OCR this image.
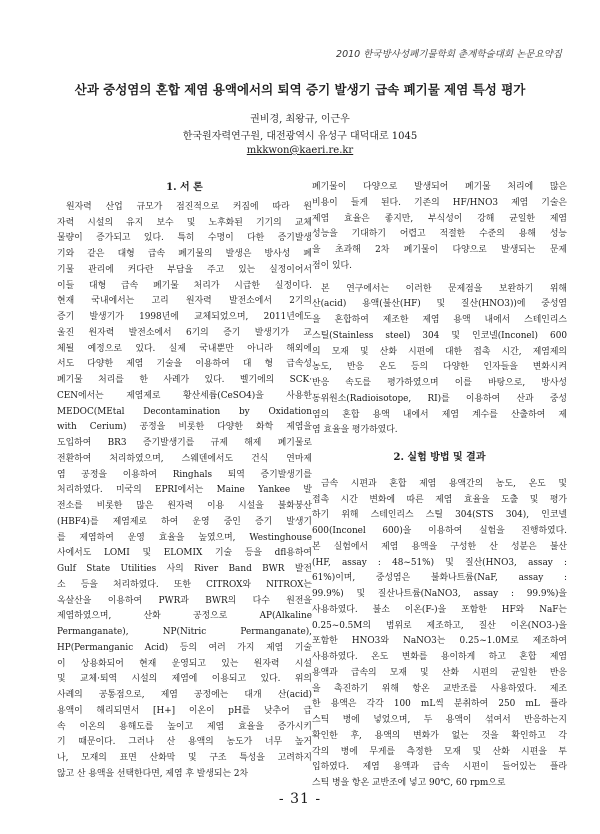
2010 한국방사성폐기물학회 춘계학술대회 논문요약집
산과 중성염의 혼합 제염 용액에서의 퇴역 증기 발생기 급속 폐기물 제염 특성 평가
권비경, 최왕규, 이근우
한국원자력연구원, 대전광역시 유성구 대덕대로 1045
mkkwon@kaeri.re.kr
1. 서 론
원자력 산업 규모가 점진적으로 커짐에 따라 원
자력 시설의 유지 보수 및 노후화된 기기의 교체
물량이 증가되고 있다. 특히 수명이 다한 증기발생
기와 같은 대형 급속 폐기물의 발생은 방사성 폐
기물 관리에 커다란 부담을 주고 있는 실정이어서
이들 대형 급속 폐기물 처리가 시급한 실정이다.
현재 국내에서는 고리 원자력 발전소에서 2기의
증기 발생기가 1998년에 교체되었으며, 2011년에도
울진 원자력 발전소에서 6기의 증기 발생기가 교
체될 예정으로 있다. 실제 국내뿐만 아니라 해외에
서도 다양한 제염 기술을 이용하여 대 형 급속성
폐기물 처리를 한 사례가 있다. 벨기에의 SCK·
CEN에서는 제염제로 황산세륨(CeSO4)을 사용한
MEDOC(MEtal Decontamination by Oxidation
with Cerium) 공정을 비롯한 다양한 화학 제염을
도입하여 BR3 증기발생기를 규제 해제 폐기물로
전환하여 처리하였으며, 스웨덴에서도 건식 연마제
염 공정을 이용하여 Ringhals 퇴역 증기발생기를
처리하였다. 미국의 EPRI에서는 Maine Yankee 발
전소를 비롯한 많은 원자력 이용 시설을 불화붕산
(HBF4)를 제염제로 하여 운영 중인 증기 발생기
를 제염하여 운영 효율을 높였으며, Westinghouse
사에서도 LOMI 및 ELOMIX 기술 등을 dfl용하여
Gulf State Utilities 사의 River Band BWR 발전
소 등을 처리하였다. 또한 CITROX와 NITROX는
옥살산을 이용하여 PWR과 BWR의 다수 원전을
제염하였으며, 산화 공정으로 AP(Alkaline
Permanganate), NP(Nitric Permanganate),
HP(Permanganic Acid) 등의 여러 가지 제염 기술
이 상용화되어 현재 운영되고 있는 원자력 시설
및 교체·퇴역 시설의 제염에 이용되고 있다. 위의
사례의 공통점으로, 제염 공정에는 대개 산(acid)
용액이 해리되면서 [H+] 이온이 pH를 낮추어 급
속 이온의 용해도를 높이고 제염 효율을 증가시키
기 때문이다. 그러나 산 용액의 농도가 너무 높거
나, 모재의 표면 산화막 및 구조 특성을 고려하지
않고 산 용액을 선택한다면, 제염 후 발생되는 2차
폐기물이 다양으로 발생되어 폐기물 처리에 많은
비용이 들게 된다. 기존의 HF/HNO3 제염 기술은
제염 효율은 좋지만, 부식성이 강해 균일한 제염
성능을 기대하기 어렵고 적절한 수준의 용해 성능
을 초과해 2차 폐기물이 다양으로 발생되는 문제
점이 있다.
본 연구에서는 이러한 문제점을 보완하기 위해
산(acid) 용액(불산(HF) 및 질산(HNO3))에 중성염
을 혼합하여 제조한 제염 용액 내에서 스테인리스
스틸(Stainless steel) 304 및 인코넬(Inconel) 600
의 모재 및 산화 시편에 대한 접촉 시간, 제염제의
농도, 반응 온도 등의 다양한 인자들을 변화시켜
반응 속도를 평가하였으며 이를 바탕으로, 방사성
동위원소(Radioisotope, RI)를 이용하여 산과 중성
염의 혼합 용액 내에서 제염 계수를 산출하여 제
염 효율을 평가하였다.
2. 실험 방법 및 결과
금속 시편과 혼합 제염 용액간의 농도, 온도 및
접촉 시간 변화에 따른 제염 효율을 도출 및 평가
하기 위해 스테인리스 스틸 304(STS 304), 인코넬
600(Inconel 600)을 이용하여 실험을 진행하였다.
본 실험에서 제염 용액을 구성한 산 성분은 불산
(HF, assay : 48~51%) 및 질산(HNO3, assay :
61%)이며, 중성염은 불화나트륨(NaF, assay :
99.9%) 및 질산나트륨(NaNO3, assay : 99.9%)을
사용하였다. 불소 이온(F-)을 포함한 HF와 NaF는
0.25~0.5M의 범위로 제조하고, 질산 이온(NO3-)을
포함한 HNO3와 NaNO3는 0.25~1.0M로 제조하여
사용하였다. 온도 변화를 용이하게 하고 혼합 제염
용액과 급속의 모재 및 산화 시편의 균일한 반응
을 촉진하기 위해 항온 교반조를 사용하였다. 제조
한 용액은 각각 100 mL씩 분취하여 250 mL 플라
스틱 병에 넣었으며, 두 용액이 섞여서 반응하는지
확인한 후, 용액의 변화가 없는 것을 확인하고 각
각의 병에 무게를 측정한 모재 및 산화 시편을 투
입하였다. 제염 용액과 급속 시편이 들어있는 플라
스틱 병을 항온 교반조에 넣고 90℃, 60 rpm으로
- 31 -
